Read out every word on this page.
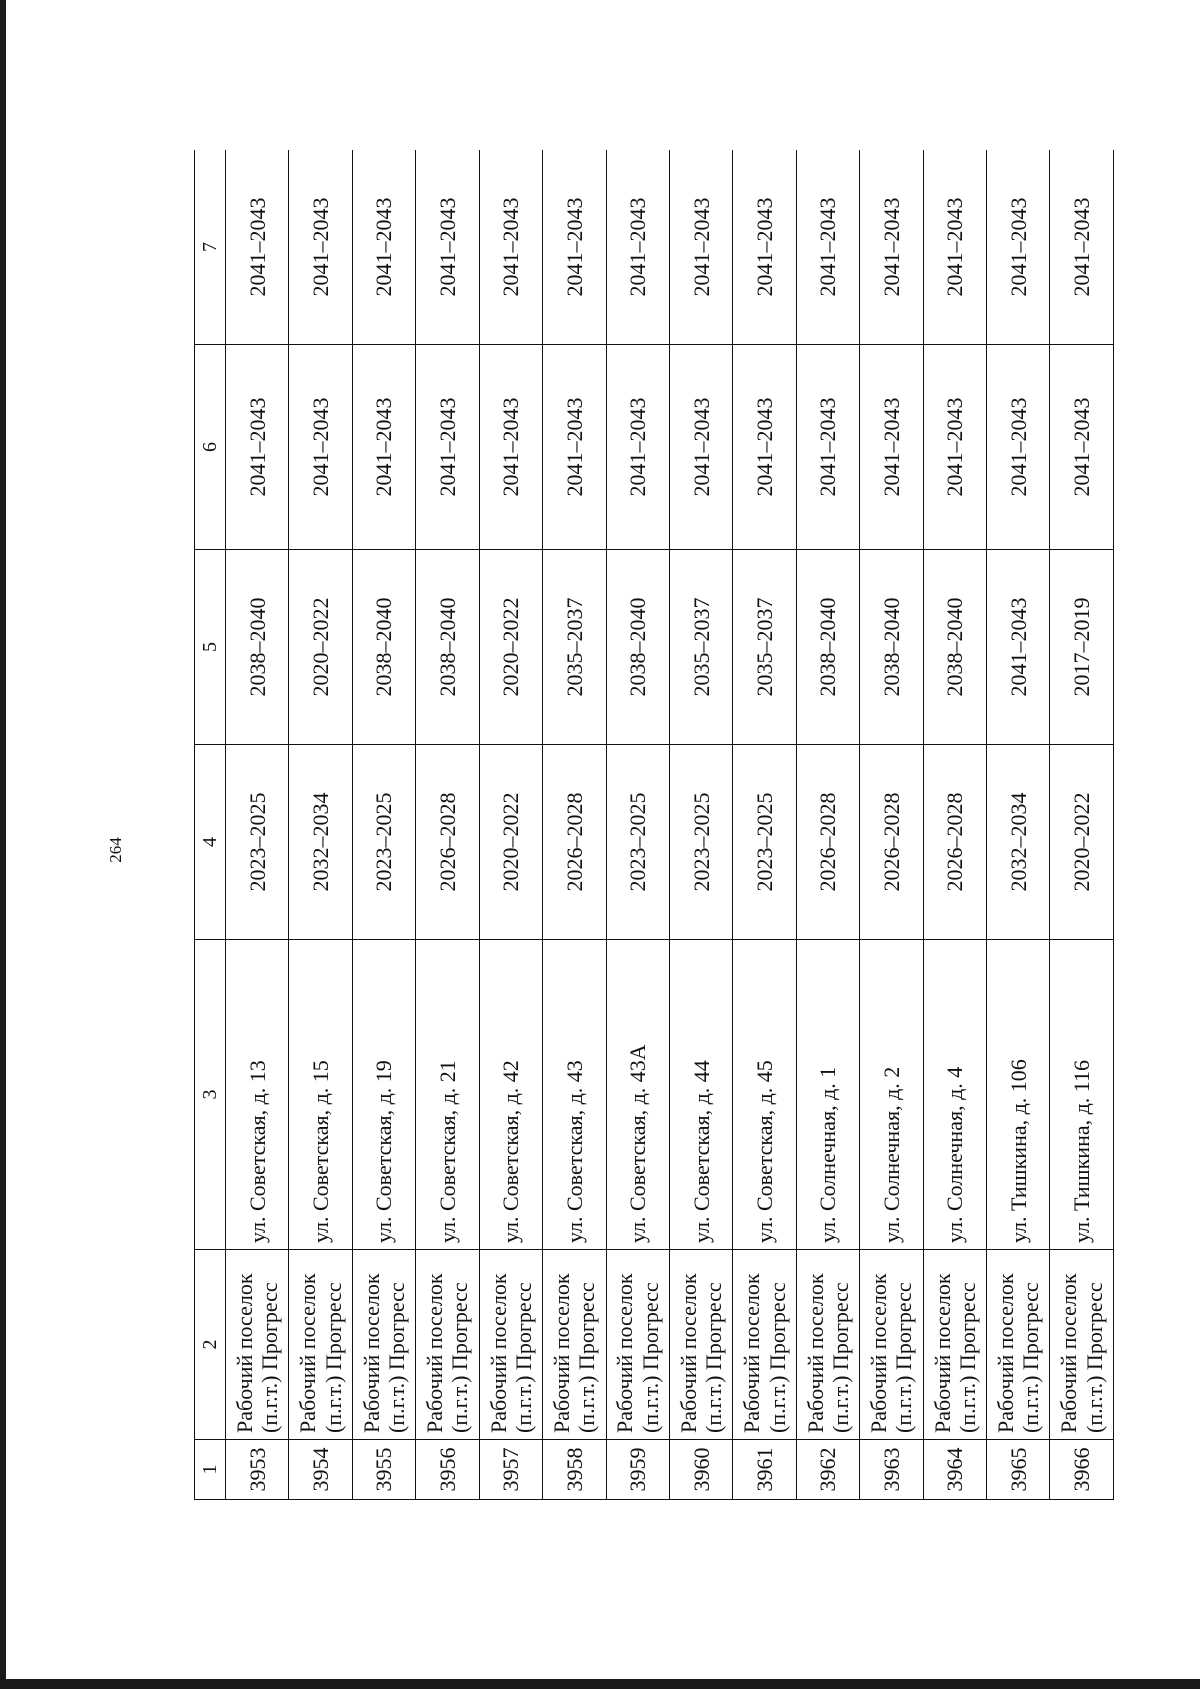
264
1	2	3	4	5	6	7
3953	Рабочий поселок (п.г.т.) Прогресс	ул. Советская, д. 13	2023–2025	2038–2040	2041–2043	2041–2043
3954	Рабочий поселок (п.г.т.) Прогресс	ул. Советская, д. 15	2032–2034	2020–2022	2041–2043	2041–2043
3955	Рабочий поселок (п.г.т.) Прогресс	ул. Советская, д. 19	2023–2025	2038–2040	2041–2043	2041–2043
3956	Рабочий поселок (п.г.т.) Прогресс	ул. Советская, д. 21	2026–2028	2038–2040	2041–2043	2041–2043
3957	Рабочий поселок (п.г.т.) Прогресс	ул. Советская, д. 42	2020–2022	2020–2022	2041–2043	2041–2043
3958	Рабочий поселок (п.г.т.) Прогресс	ул. Советская, д. 43	2026–2028	2035–2037	2041–2043	2041–2043
3959	Рабочий поселок (п.г.т.) Прогресс	ул. Советская, д. 43А	2023–2025	2038–2040	2041–2043	2041–2043
3960	Рабочий поселок (п.г.т.) Прогресс	ул. Советская, д. 44	2023–2025	2035–2037	2041–2043	2041–2043
3961	Рабочий поселок (п.г.т.) Прогресс	ул. Советская, д. 45	2023–2025	2035–2037	2041–2043	2041–2043
3962	Рабочий поселок (п.г.т.) Прогресс	ул. Солнечная, д. 1	2026–2028	2038–2040	2041–2043	2041–2043
3963	Рабочий поселок (п.г.т.) Прогресс	ул. Солнечная, д. 2	2026–2028	2038–2040	2041–2043	2041–2043
3964	Рабочий поселок (п.г.т.) Прогресс	ул. Солнечная, д. 4	2026–2028	2038–2040	2041–2043	2041–2043
3965	Рабочий поселок (п.г.т.) Прогресс	ул. Тишкина, д. 106	2032–2034	2041–2043	2041–2043	2041–2043
3966	Рабочий поселок (п.г.т.) Прогресс	ул. Тишкина, д. 116	2020–2022	2017–2019	2041–2043	2041–2043
